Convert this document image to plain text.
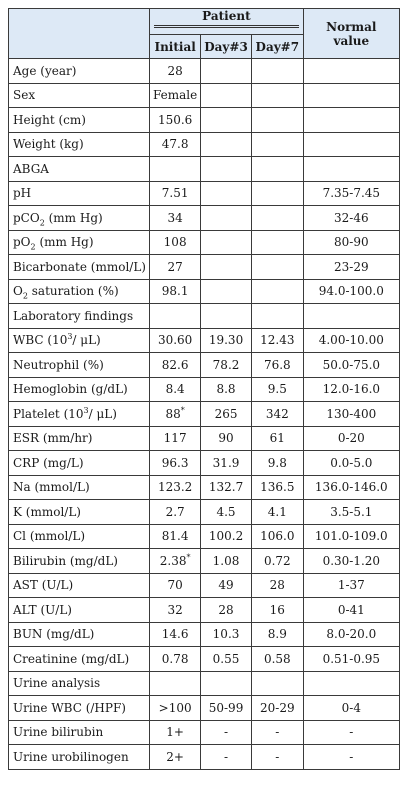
	Patient			Normal value
	Initial	Day#3	Day#7	
Age (year)	28			
Sex	Female			
Height (cm)	150.6			
Weight (kg)	47.8			
ABGA				
pH	7.51			7.35-7.45
pCO$_2$ (mm Hg)	34			32-46
$pO_2$ (mm Hg)	108			80-90
Bicarbonate (mmol/L)	27			23-29
$O_2$ saturation (%)	98.1			94.0-100.0
Laboratory findings				
WBC ($10^3/$ μL)	30.60	19.30	12.43	4.00-10.00
Neutrophil (%)	82.6	78.2	76.8	50.0-75.0
Hemoglobin (g/dL)	8.4	8.8	9.5	12.0-16.0
Platelet ($10^3/$ μL)	88*	265	342	130-400
ESR (mm/hr)	117	90	61	0-20
CRP (mg/L)	96.3	31.9	9.8	0.0-5.0
Na (mmol/L)	123.2	132.7	136.5	136.0-146.0
K (mmol/L)	2.7	4.5	4.1	3.5-5.1
Cl (mmol/L)	81.4	100.2	106.0	101.0-109.0
Bilirubin (mg/dL)	2.38*	1.08	0.72	0.30-1.20
AST (U/L)	70	49	28	1-37
ALT (U/L)	32	28	16	0-41
BUN (mg/dL)	14.6	10.3	8.9	8.0-20.0
Creatinine (mg/dL)	0.78	0.55	0.58	0.51-0.95
Urine analysis				
Urine WBC (/HPF)	>100	50-99	20-29	0-4
Urine bilirubin	1+	-	-	-
Urine urobilinogen	2+	-	-	-
